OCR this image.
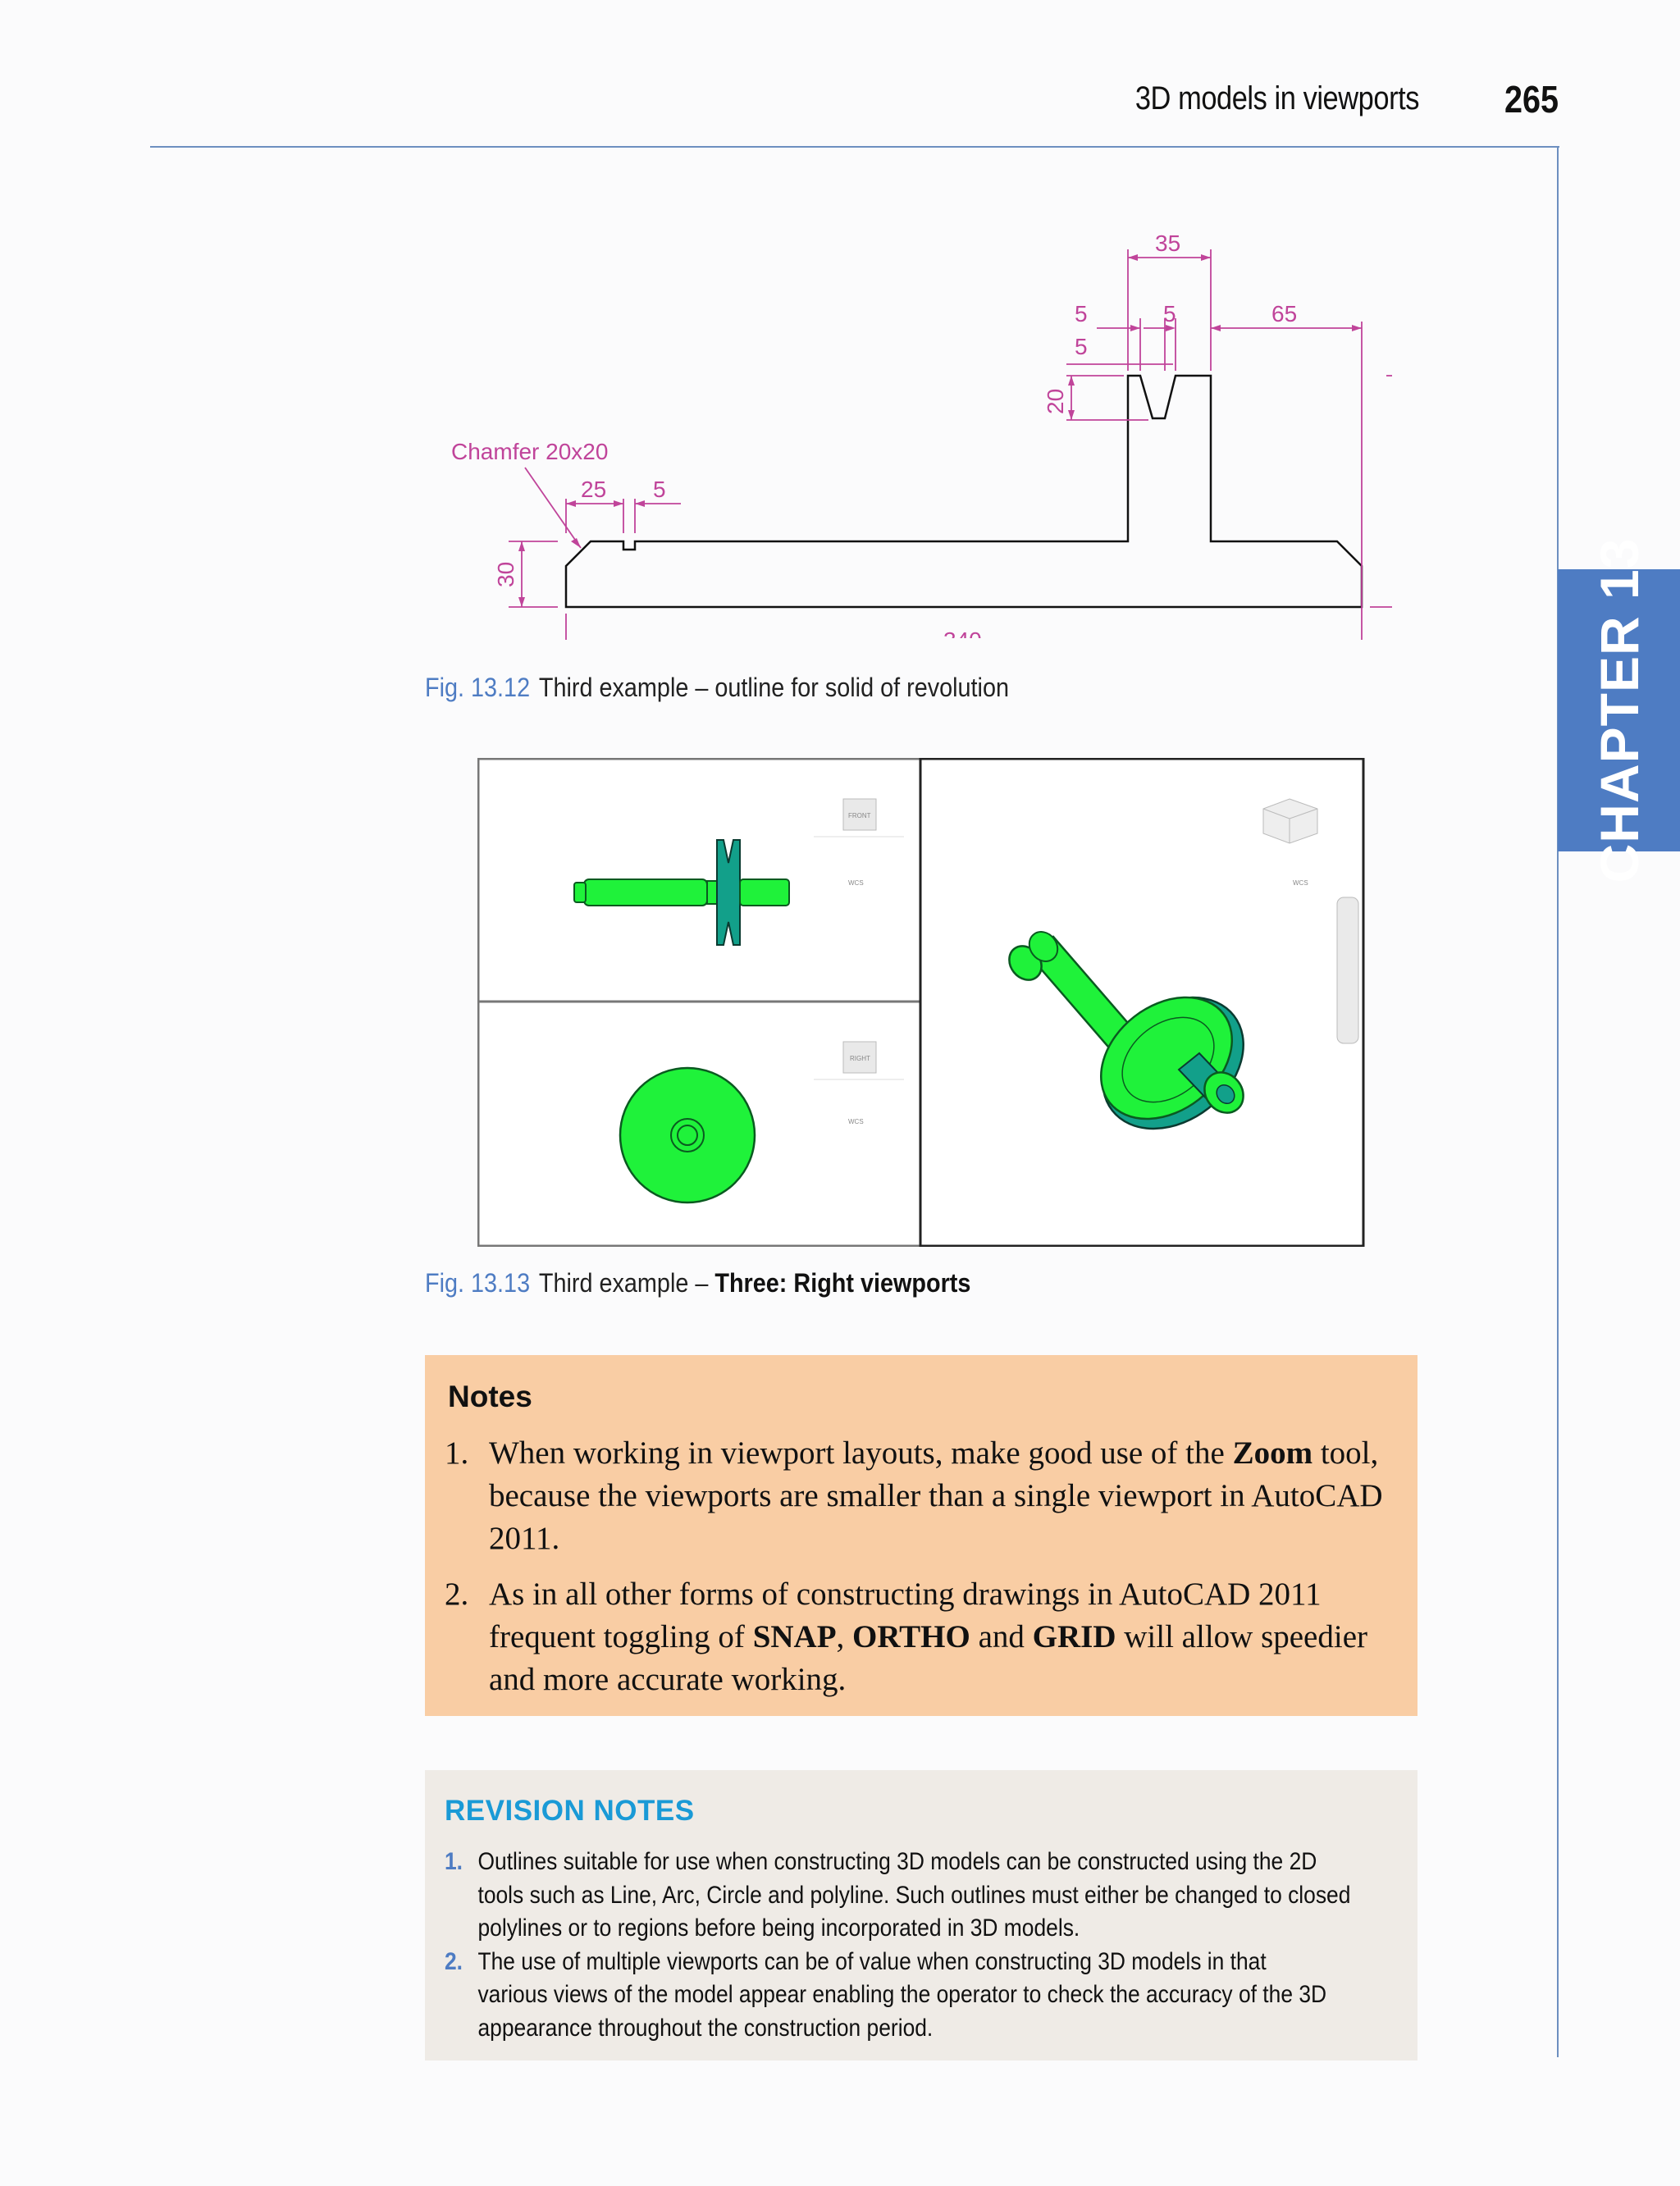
3D models in viewports	265
CHAPTER 13
35
5	5	65
5
20
Chamfer 20x20
25 5
30
Fig. 13.12 Third example – outline for solid of revolution
FRONT
WCS
RIGHT
WCS
WCS
Fig. 13.13 Third example – Three: Right viewports
Notes
1. When working in viewport layouts, make good use of the Zoom tool, because the viewports are smaller than a single viewport in AutoCAD 2011.
2. As in all other forms of constructing drawings in AutoCAD 2011 frequent toggling of SNAP, ORTHO and GRID will allow speedier and more accurate working.
REVISION NOTES
1. Outlines suitable for use when constructing 3D models can be constructed using the 2D
tools such as Line, Arc, Circle and polyline. Such outlines must either be changed to closed
polylines or to regions before being incorporated in 3D models.
2. The use of multiple viewports can be of value when constructing 3D models in that
various views of the model appear enabling the operator to check the accuracy of the 3D
appearance throughout the construction period.
